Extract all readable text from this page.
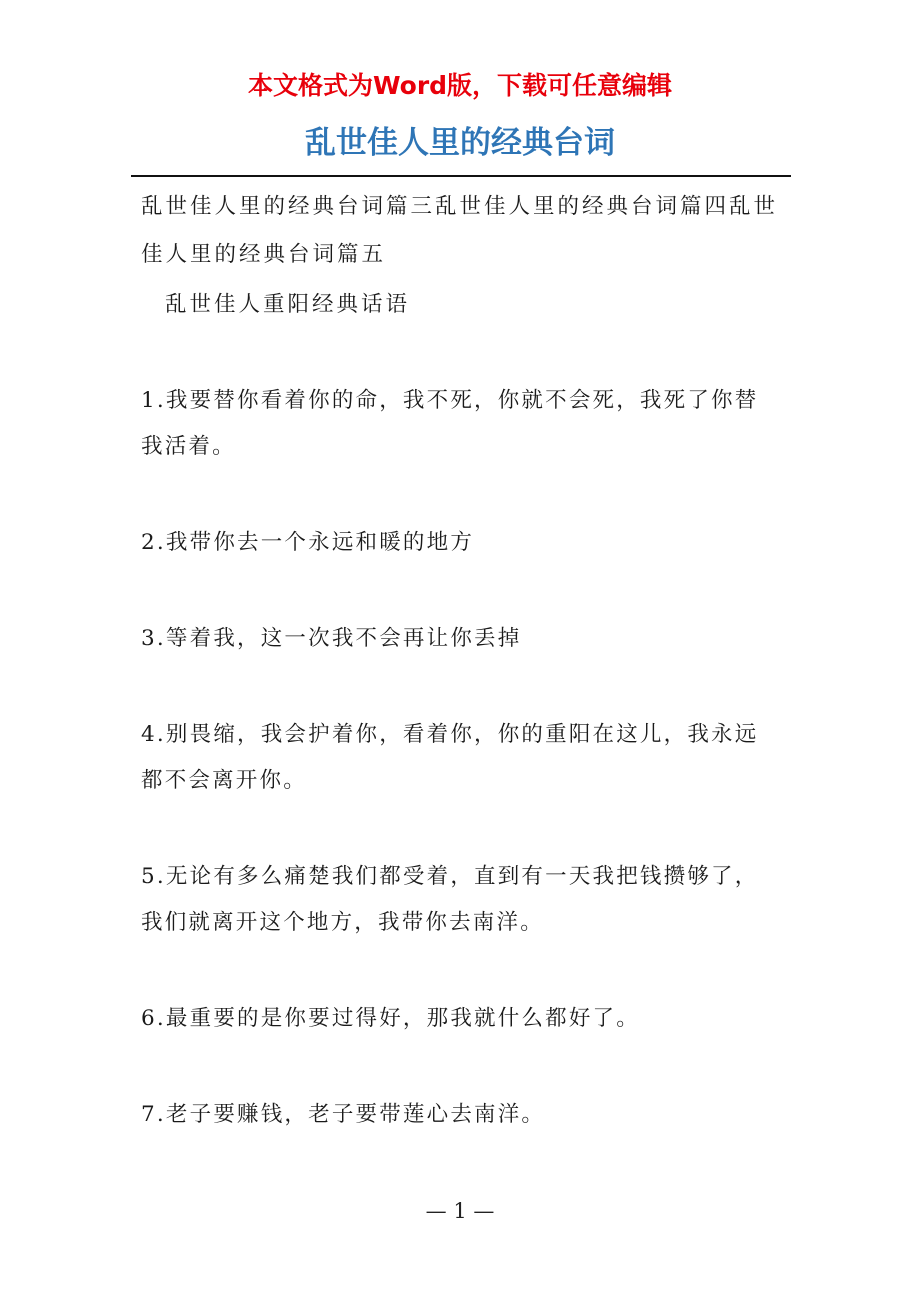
本文格式为Word版，下载可任意编辑
乱世佳人里的经典台词

乱世佳人里的经典台词篇三乱世佳人里的经典台词篇四乱世佳人里的经典台词篇五

乱世佳人重阳经典话语

1.我要替你看着你的命，我不死，你就不会死，我死了你替我活着。
2.我带你去一个永远和暖的地方
3.等着我，这一次我不会再让你丢掉
4.别畏缩，我会护着你，看着你，你的重阳在这儿，我永远都不会离开你。
5.无论有多么痛楚我们都受着，直到有一天我把钱攒够了，我们就离开这个地方，我带你去南洋。
6.最重要的是你要过得好，那我就什么都好了。
7.老子要赚钱，老子要带莲心去南洋。
— 1 —
